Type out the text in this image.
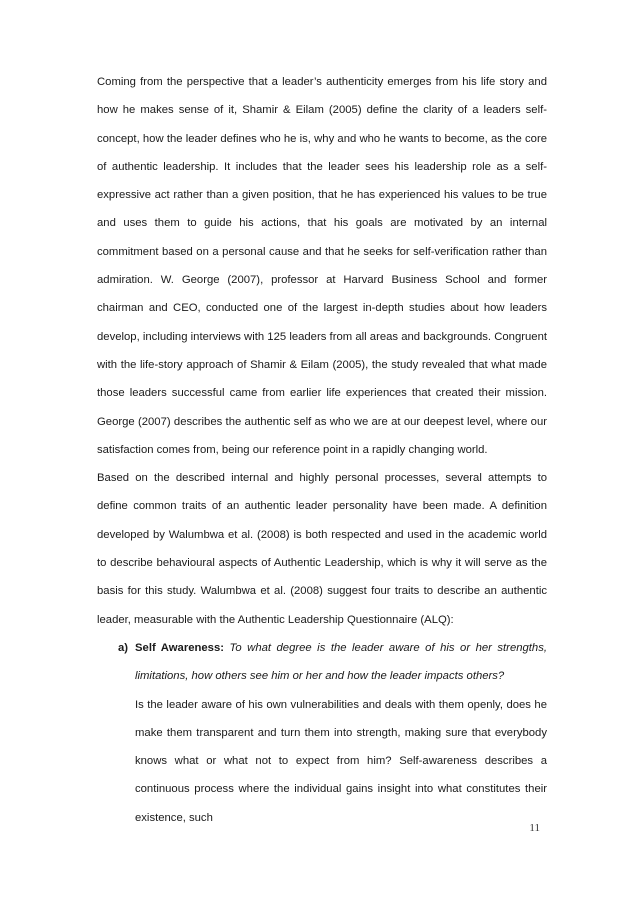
Coming from the perspective that a leader’s authenticity emerges from his life story and how he makes sense of it, Shamir & Eilam (2005) define the clarity of a leaders self-concept, how the leader defines who he is, why and who he wants to become, as the core of authentic leadership. It includes that the leader sees his leadership role as a self-expressive act rather than a given position, that he has experienced his values to be true and uses them to guide his actions, that his goals are motivated by an internal commitment based on a personal cause and that he seeks for self-verification rather than admiration. W. George (2007), professor at Harvard Business School and former chairman and CEO, conducted one of the largest in-depth studies about how leaders develop, including interviews with 125 leaders from all areas and backgrounds. Congruent with the life-story approach of Shamir & Eilam (2005), the study revealed that what made those leaders successful came from earlier life experiences that created their mission. George (2007) describes the authentic self as who we are at our deepest level, where our satisfaction comes from, being our reference point in a rapidly changing world.

Based on the described internal and highly personal processes, several attempts to define common traits of an authentic leader personality have been made. A definition developed by Walumbwa et al. (2008) is both respected and used in the academic world to describe behavioural aspects of Authentic Leadership, which is why it will serve as the basis for this study. Walumbwa et al. (2008) suggest four traits to describe an authentic leader, measurable with the Authentic Leadership Questionnaire (ALQ):

a) Self Awareness: To what degree is the leader aware of his or her strengths, limitations, how others see him or her and how the leader impacts others?

Is the leader aware of his own vulnerabilities and deals with them openly, does he make them transparent and turn them into strength, making sure that everybody knows what or what not to expect from him? Self-awareness describes a continuous process where the individual gains insight into what constitutes their existence, such

11
